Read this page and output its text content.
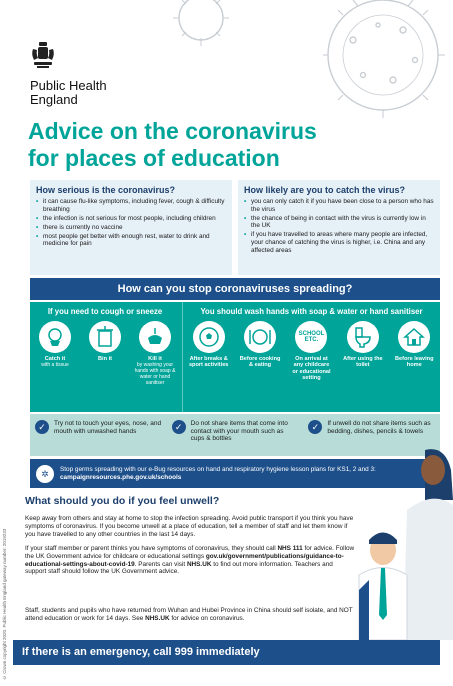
© Crown copyright 2020. Public Health England gateway number: 2019233
Public Health
England
Advice on the coronavirus
for places of education
How serious is the coronavirus?
• it can cause flu-like symptoms, including fever, cough & difficulty breathing
• the infection is not serious for most people, including children
• there is currently no vaccine
• most people get better with enough rest, water to drink and medicine for pain
How likely are you to catch the virus?
• you can only catch it if you have been close to a person who has the virus
• the chance of being in contact with the virus is currently low in the UK
• if you have travelled to areas where many people are infected, your chance of catching the virus is higher, i.e. China and any affected areas
How can you stop coronaviruses spreading?
If you need to cough or sneeze
Catch it
with a tissue
Bin it	Kill it
by washing your hands with soap & water or hand sanitiser
You should wash hands with soap & water or hand sanitiser
After breaks & sport activities
Before cooking & eating
SCHOOL ETC.
On arrival at any childcare or educational setting
After using the toilet
Before leaving home
✓	Try not to touch your eyes, nose, and mouth with unwashed hands	✓	Do not share items that come into contact with your mouth such as cups & bottles
✓	If unwell do not share items such as bedding, dishes, pencils & towels
✲	Stop germs spreading with our e-Bug resources on hand and respiratory hygiene lesson plans for KS1, 2 and 3: campaignresources.phe.gov.uk/schools
What should you do if you feel unwell?
Keep away from others and stay at home to stop the infection spreading. Avoid public transport if you think you have symptoms of coronavirus. If you become unwell at a place of education, tell a member of staff and let them know if you have travelled to any other countries in the last 14 days.
If your staff member or parent thinks you have symptoms of coronavirus, they should call NHS 111 for advice. Follow the UK Government advice for childcare or educational settings gov.uk/government/publications/guidance-to-educational-settings-about-covid-19. Parents can visit NHS.UK to find out more information. Teachers and support staff should follow the UK Government advice.
Staff, students and pupils who have returned from Wuhan and Hubei Province in China should self isolate, and NOT attend education or work for 14 days. See NHS.UK for advice on coronavirus.
If there is an emergency, call 999 immediately
